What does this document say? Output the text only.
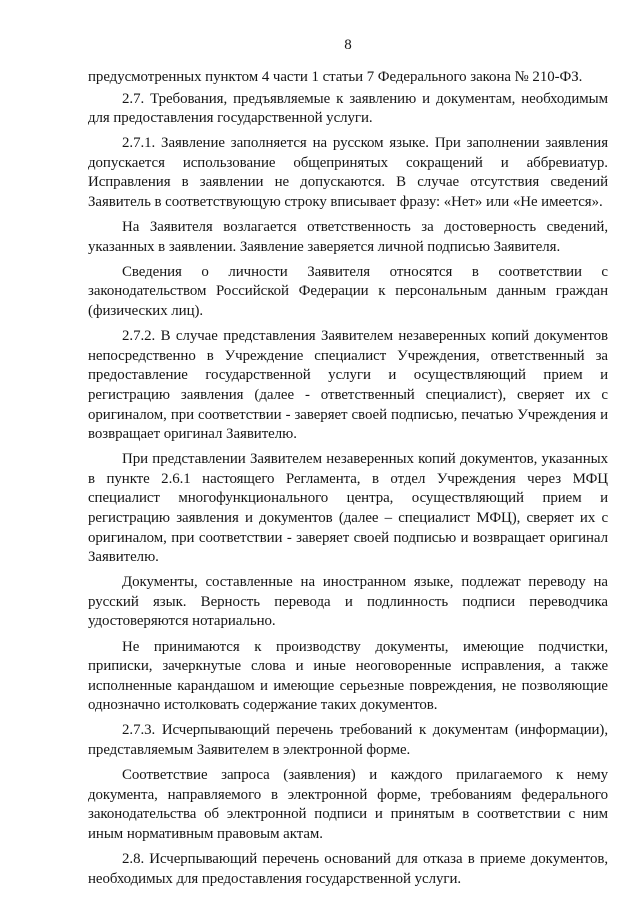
8

предусмотренных пунктом 4 части 1 статьи 7 Федерального закона № 210-ФЗ.

2.7. Требования, предъявляемые к заявлению и документам, необходимым для предоставления государственной услуги.

2.7.1. Заявление заполняется на русском языке. При заполнении заявления допускается использование общепринятых сокращений и аббревиатур. Исправления в заявлении не допускаются. В случае отсутствия сведений Заявитель в соответствующую строку вписывает фразу: «Нет» или «Не имеется».

На Заявителя возлагается ответственность за достоверность сведений, указанных в заявлении. Заявление заверяется личной подписью Заявителя.

Сведения о личности Заявителя относятся в соответствии с законодательством Российской Федерации к персональным данным граждан (физических лиц).

2.7.2. В случае представления Заявителем незаверенных копий документов непосредственно в Учреждение специалист Учреждения, ответственный за предоставление государственной услуги и осуществляющий прием и регистрацию заявления (далее - ответственный специалист), сверяет их с оригиналом, при соответствии - заверяет своей подписью, печатью Учреждения и возвращает оригинал Заявителю.

При представлении Заявителем незаверенных копий документов, указанных в пункте 2.6.1 настоящего Регламента, в отдел Учреждения через МФЦ специалист многофункционального центра, осуществляющий прием и регистрацию заявления и документов (далее – специалист МФЦ), сверяет их с оригиналом, при соответствии - заверяет своей подписью и возвращает оригинал Заявителю.

Документы, составленные на иностранном языке, подлежат переводу на русский язык. Верность перевода и подлинность подписи переводчика удостоверяются нотариально.

Не принимаются к производству документы, имеющие подчистки, приписки, зачеркнутые слова и иные неоговоренные исправления, а также исполненные карандашом и имеющие серьезные повреждения, не позволяющие однозначно истолковать содержание таких документов.

2.7.3. Исчерпывающий перечень требований к документам (информации), представляемым Заявителем в электронной форме.

Соответствие запроса (заявления) и каждого прилагаемого к нему документа, направляемого в электронной форме, требованиям федерального законодательства об электронной подписи и принятым в соответствии с ним иным нормативным правовым актам.

2.8. Исчерпывающий перечень оснований для отказа в приеме документов, необходимых для предоставления государственной услуги.
